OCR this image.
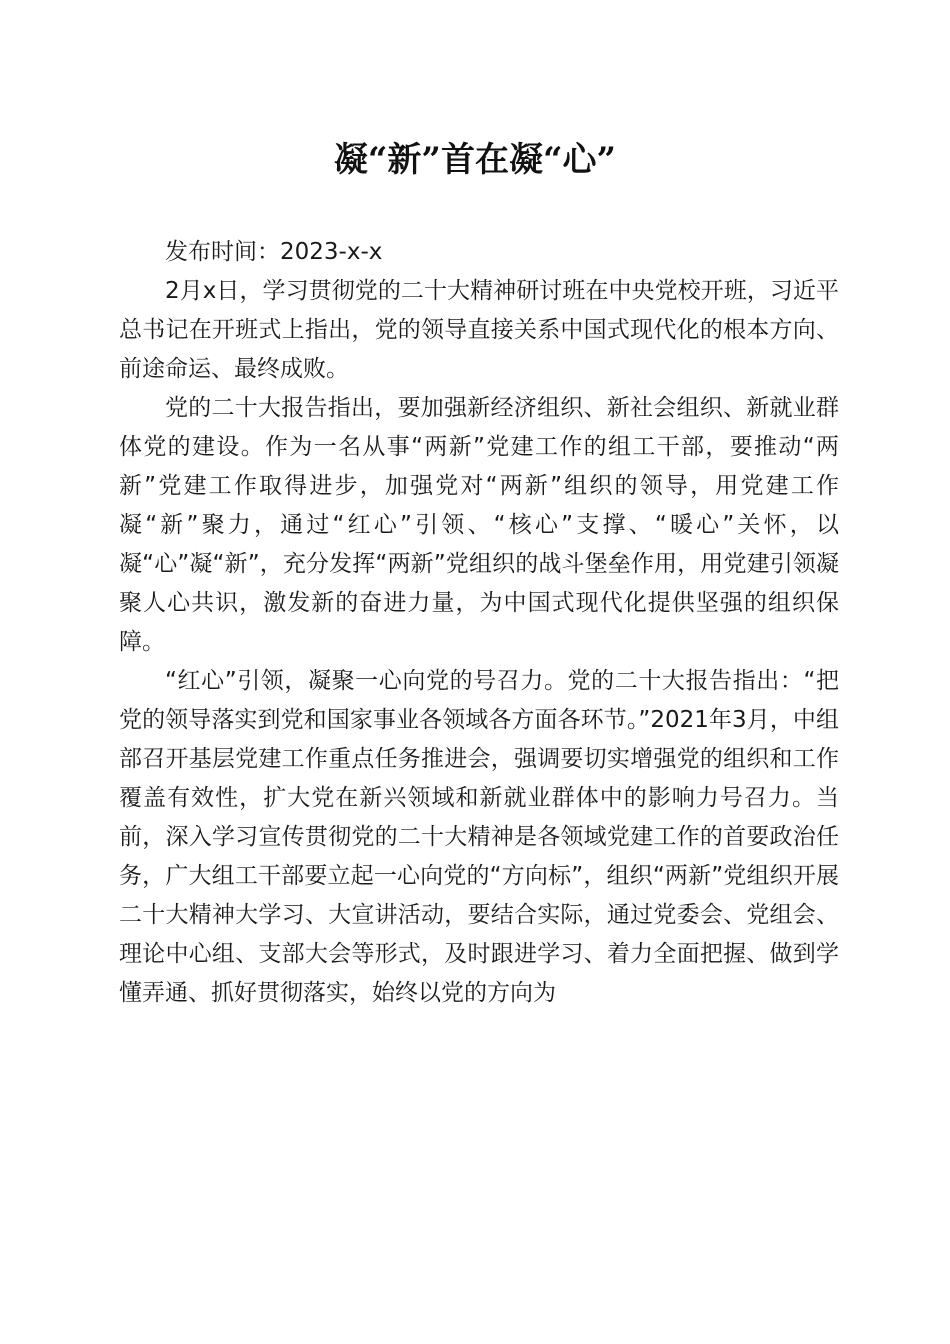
凝“新”首在凝“心”

发布时间：2023-x-x

2月x日，学习贯彻党的二十大精神研讨班在中央党校开班，习近平总书记在开班式上指出，党的领导直接关系中国式现代化的根本方向、前途命运、最终成败。

党的二十大报告指出，要加强新经济组织、新社会组织、新就业群体党的建设。作为一名从事“两新”党建工作的组工干部，要推动“两新”党建工作取得进步，加强党对“两新”组织的领导，用党建工作凝“新”聚力，通过“红心”引领、“核心”支撑、“暖心”关怀，以凝“心”凝“新”，充分发挥“两新”党组织的战斗堡垒作用，用党建引领凝聚人心共识，激发新的奋进力量，为中国式现代化提供坚强的组织保障。

“红心”引领，凝聚一心向党的号召力。党的二十大报告指出：“把党的领导落实到党和国家事业各领域各方面各环节。”2021年3月，中组部召开基层党建工作重点任务推进会，强调要切实增强党的组织和工作覆盖有效性，扩大党在新兴领域和新就业群体中的影响力号召力。当前，深入学习宣传贯彻党的二十大精神是各领域党建工作的首要政治任务，广大组工干部要立起一心向党的“方向标”，组织“两新”党组织开展二十大精神大学习、大宣讲活动，要结合实际，通过党委会、党组会、理论中心组、支部大会等形式，及时跟进学习、着力全面把握、做到学懂弄通、抓好贯彻落实，始终以党的方向为
